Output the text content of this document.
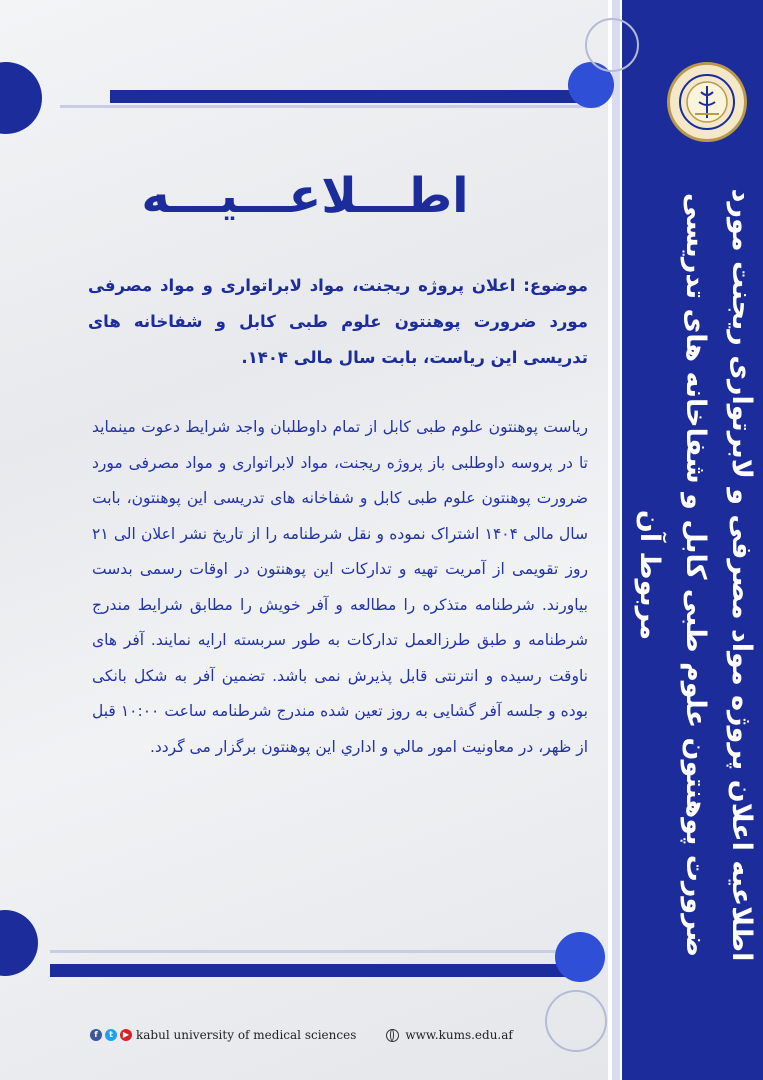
اطلاعیه اعلان پروژه مواد مصرفی و لابرتواری ریجنت مورد ضرورت پوهنتون علوم طبی کابل و شفاخانه های تدریسی مربوط آن
اطـــلاعـــیـــه
موضوع: اعلان پروژه ریجنت، مواد لابراتواری و مواد مصرفی مورد ضرورت پوهنتون علوم طبی کابل و شفاخانه های تدریسی این ریاست، بابت سال مالی ۱۴۰۴.
ریاست پوهنتون علوم طبی کابل از تمام داوطلبان واجد شرایط دعوت مینماید تا در پروسه داوطلبی باز پروژه ریجنت، مواد لابراتواری و مواد مصرفی مورد ضرورت پوهنتون علوم طبی کابل و شفاخانه های تدریسی این پوهنتون، بابت سال مالی ۱۴۰۴ اشتراک نموده و نقل شرطنامه را از تاریخ نشر اعلان الی ۲۱ روز تقویمی از آمریت تهیه و تدارکات این پوهنتون در اوقات رسمی بدست بیاورند. شرطنامه متذکره را مطالعه و آفر خویش را مطابق شرایط مندرج شرطنامه و طبق طرزالعمل تدارکات به طور سربسته ارایه نمایند. آفر های ناوقت رسیده و انترنتی قابل پذیرش نمی باشد. تضمین آفر به شکل بانکی بوده و جلسه آفر گشایی به روز تعین شده مندرج شرطنامه ساعت ۱۰:۰۰ قبل از ظهر، در معاونیت امور مالي و اداري این پوهنتون برگزار می گردد.
f	t	▶ kabul university of medical sciences	www.kums.edu.af
